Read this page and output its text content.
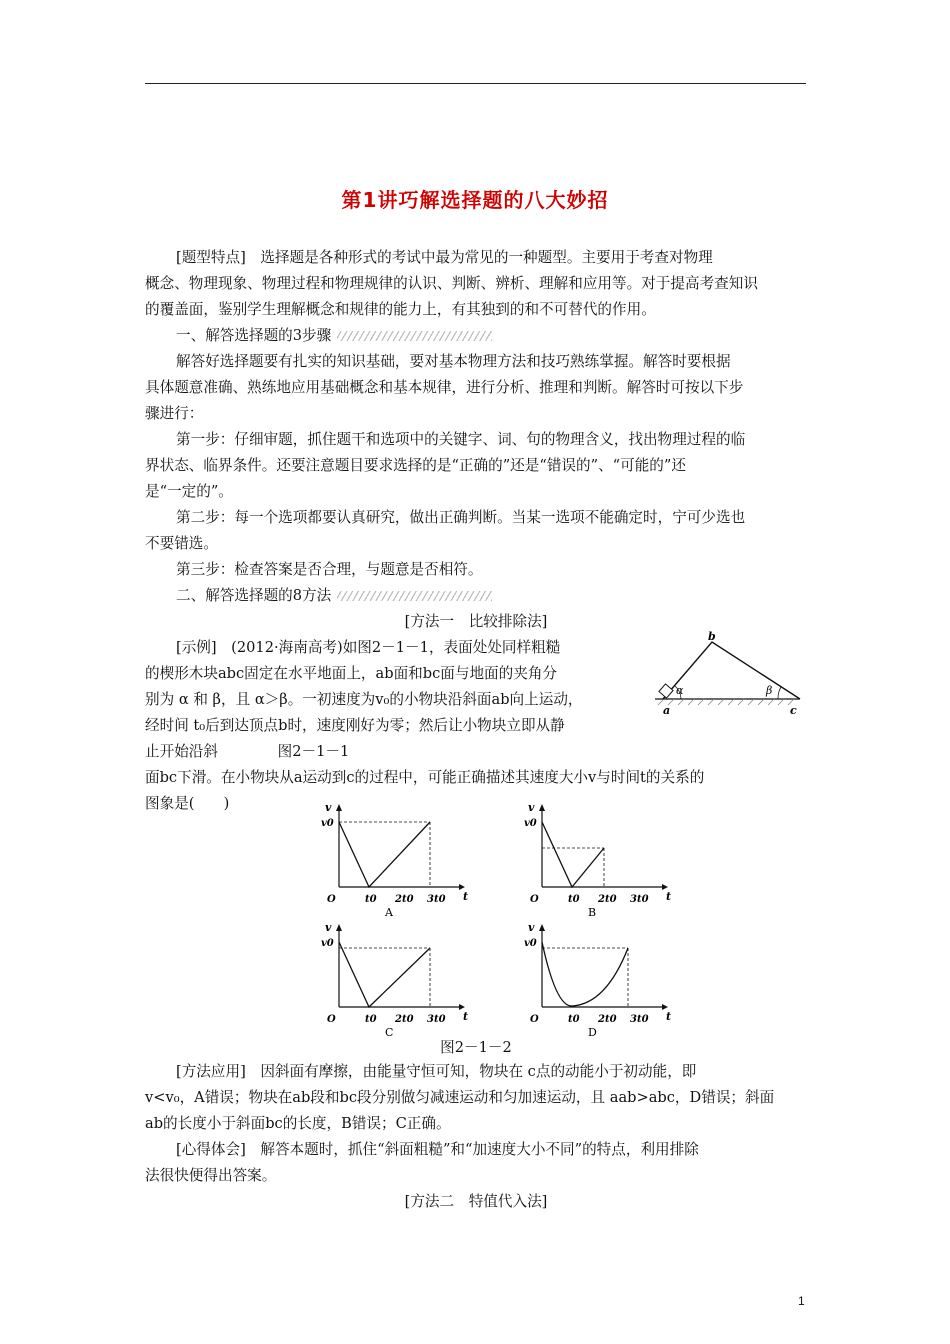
第1讲巧解选择题的八大妙招
[题型特点]　选择题是各种形式的考试中最为常见的一种题型。主要用于考查对物理
概念、物理现象、物理过程和物理规律的认识、判断、辨析、理解和应用等。对于提高考查知识
的覆盖面，鉴别学生理解概念和规律的能力上，有其独到的和不可替代的作用。
一、解答选择题的3步骤
解答好选择题要有扎实的知识基础，要对基本物理方法和技巧熟练掌握。解答时要根据
具体题意准确、熟练地应用基础概念和基本规律，进行分析、推理和判断。解答时可按以下步
骤进行：
第一步：仔细审题，抓住题干和选项中的关键字、词、句的物理含义，找出物理过程的临
界状态、临界条件。还要注意题目要求选择的是“正确的”还是“错误的”、“可能的”还
是“一定的”。
第二步：每一个选项都要认真研究，做出正确判断。当某一选项不能确定时，宁可少选也
不要错选。
第三步：检查答案是否合理，与题意是否相符。
二、解答选择题的8方法
[方法一　比较排除法]
[示例]　(2012·海南高考)如图2－1－1，表面处处同样粗糙
的楔形木块abc固定在水平地面上，ab面和bc面与地面的夹角分
别为 α 和 β，且 α＞β。一初速度为v₀的小物块沿斜面ab向上运动，
经时间 t₀后到达顶点b时，速度刚好为零；然后让小物块立即从静
止开始沿斜	图2－1－1
面bc下滑。在小物块从a运动到c的过程中，可能正确描述其速度大小v与时间t的关系的
图象是(　　)
α	β
b
a	c
v
v0
O	t
t0 2t0 3t0
A
v
v0
O	t
t0 2t0 3t0
B
v
v0
O	t
t0 2t0 3t0
C
v
v0
O	t
t0 2t0 3t0
D
图2－1－2
[方法应用]　因斜面有摩擦，由能量守恒可知，物块在 c点的动能小于初动能，即
v<v₀，A错误；物块在ab段和bc段分别做匀减速运动和匀加速运动，且 aab>abc，D错误；斜面
ab的长度小于斜面bc的长度，B错误；C正确。
[心得体会]　解答本题时，抓住“斜面粗糙”和“加速度大小不同”的特点，利用排除
法很快便得出答案。
[方法二　特值代入法]
1
